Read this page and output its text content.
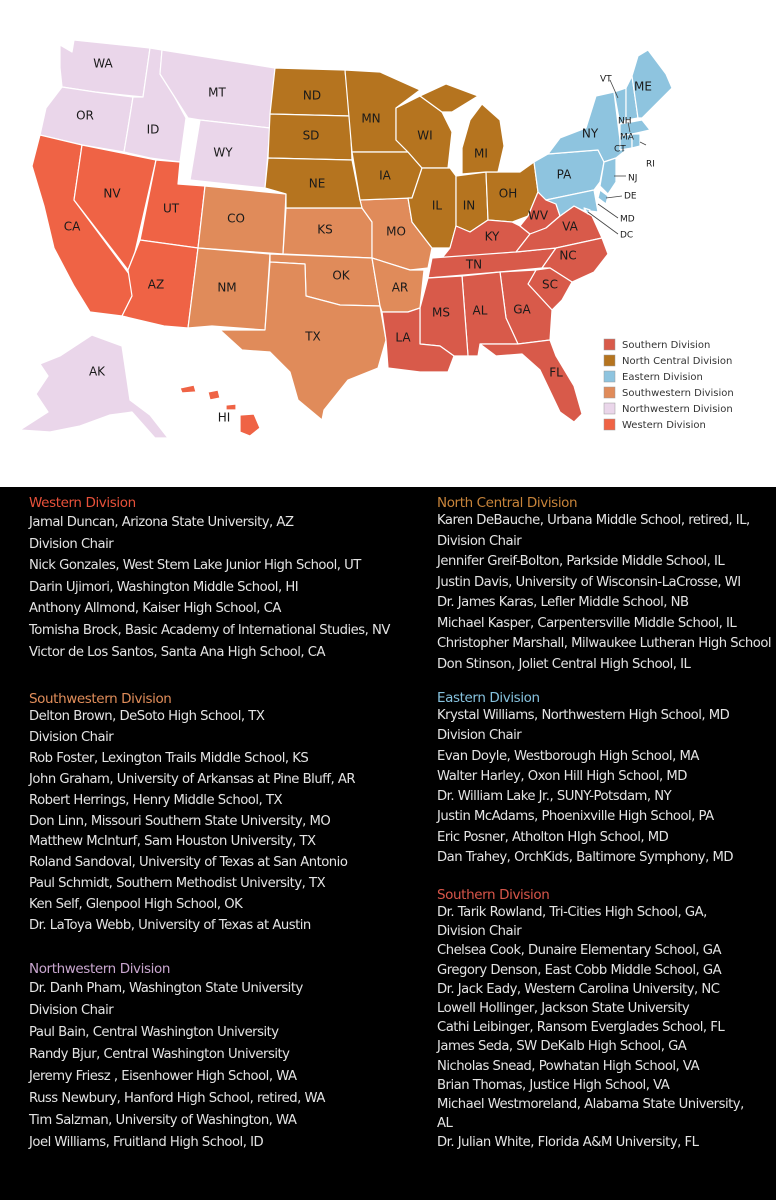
WA
OR
ID
MT
WY
CA
NV
UT
AZ
CO
NM
ND
SD
NE
KS
OK
TX
MN
IA
MO
AR
LA
WI
IL
MI
IN
OH
KY
TN
MS AL GA
FL
SC
NC
VA
WV
PA
NY
ME
AK
HI
VT
NH
MA
CT
RI
NJ
DE
MD
DC
Southern Division
North Central Division
Eastern Division
Southwestern Division
Northwestern Division
Western Division
Western Division
Jamal Duncan, Arizona State University, AZ
Division Chair
Nick Gonzales, West Stem Lake Junior High School, UT
Darin Ujimori, Washington Middle School, HI
Anthony Allmond, Kaiser High School, CA
Tomisha Brock, Basic Academy of International Studies, NV
Victor de Los Santos, Santa Ana High School, CA
Southwestern Division
Delton Brown, DeSoto High School, TX
Division Chair
Rob Foster, Lexington Trails Middle School, KS
John Graham, University of Arkansas at Pine Bluff, AR
Robert Herrings, Henry Middle School, TX
Don Linn, Missouri Southern State University, MO
Matthew McInturf, Sam Houston University, TX
Roland Sandoval, University of Texas at San Antonio
Paul Schmidt, Southern Methodist University, TX
Ken Self, Glenpool High School, OK
Dr. LaToya Webb, University of Texas at Austin
Northwestern Division
Dr. Danh Pham, Washington State University
Division Chair
Paul Bain, Central Washington University
Randy Bjur, Central Washington University
Jeremy Friesz , Eisenhower High School, WA
Russ Newbury, Hanford High School, retired, WA
Tim Salzman, University of Washington, WA
Joel Williams, Fruitland High School, ID
North Central Division
Karen DeBauche, Urbana Middle School, retired, IL,
Division Chair
Jennifer Greif-Bolton, Parkside Middle School, IL
Justin Davis, University of Wisconsin-LaCrosse, WI
Dr. James Karas, Lefler Middle School, NB
Michael Kasper, Carpentersville Middle School, IL
Christopher Marshall, Milwaukee Lutheran High School
Don Stinson, Joliet Central High School, IL
Eastern Division
Krystal Williams, Northwestern High School, MD
Division Chair
Evan Doyle, Westborough High School, MA
Walter Harley, Oxon Hill High School, MD
Dr. William Lake Jr., SUNY-Potsdam, NY
Justin McAdams, Phoenixville High School, PA
Eric Posner, Atholton HIgh School, MD
Dan Trahey, OrchKids, Baltimore Symphony, MD
Southern Division
Dr. Tarik Rowland, Tri-Cities High School, GA,
Division Chair
Chelsea Cook, Dunaire Elementary School, GA
Gregory Denson, East Cobb Middle School, GA
Dr. Jack Eady, Western Carolina University, NC
Lowell Hollinger, Jackson State University
Cathi Leibinger, Ransom Everglades School, FL
James Seda, SW DeKalb High School, GA
Nicholas Snead, Powhatan High School, VA
Brian Thomas, Justice High School, VA
Michael Westmoreland, Alabama State University,
AL
Dr. Julian White, Florida A&M University, FL
